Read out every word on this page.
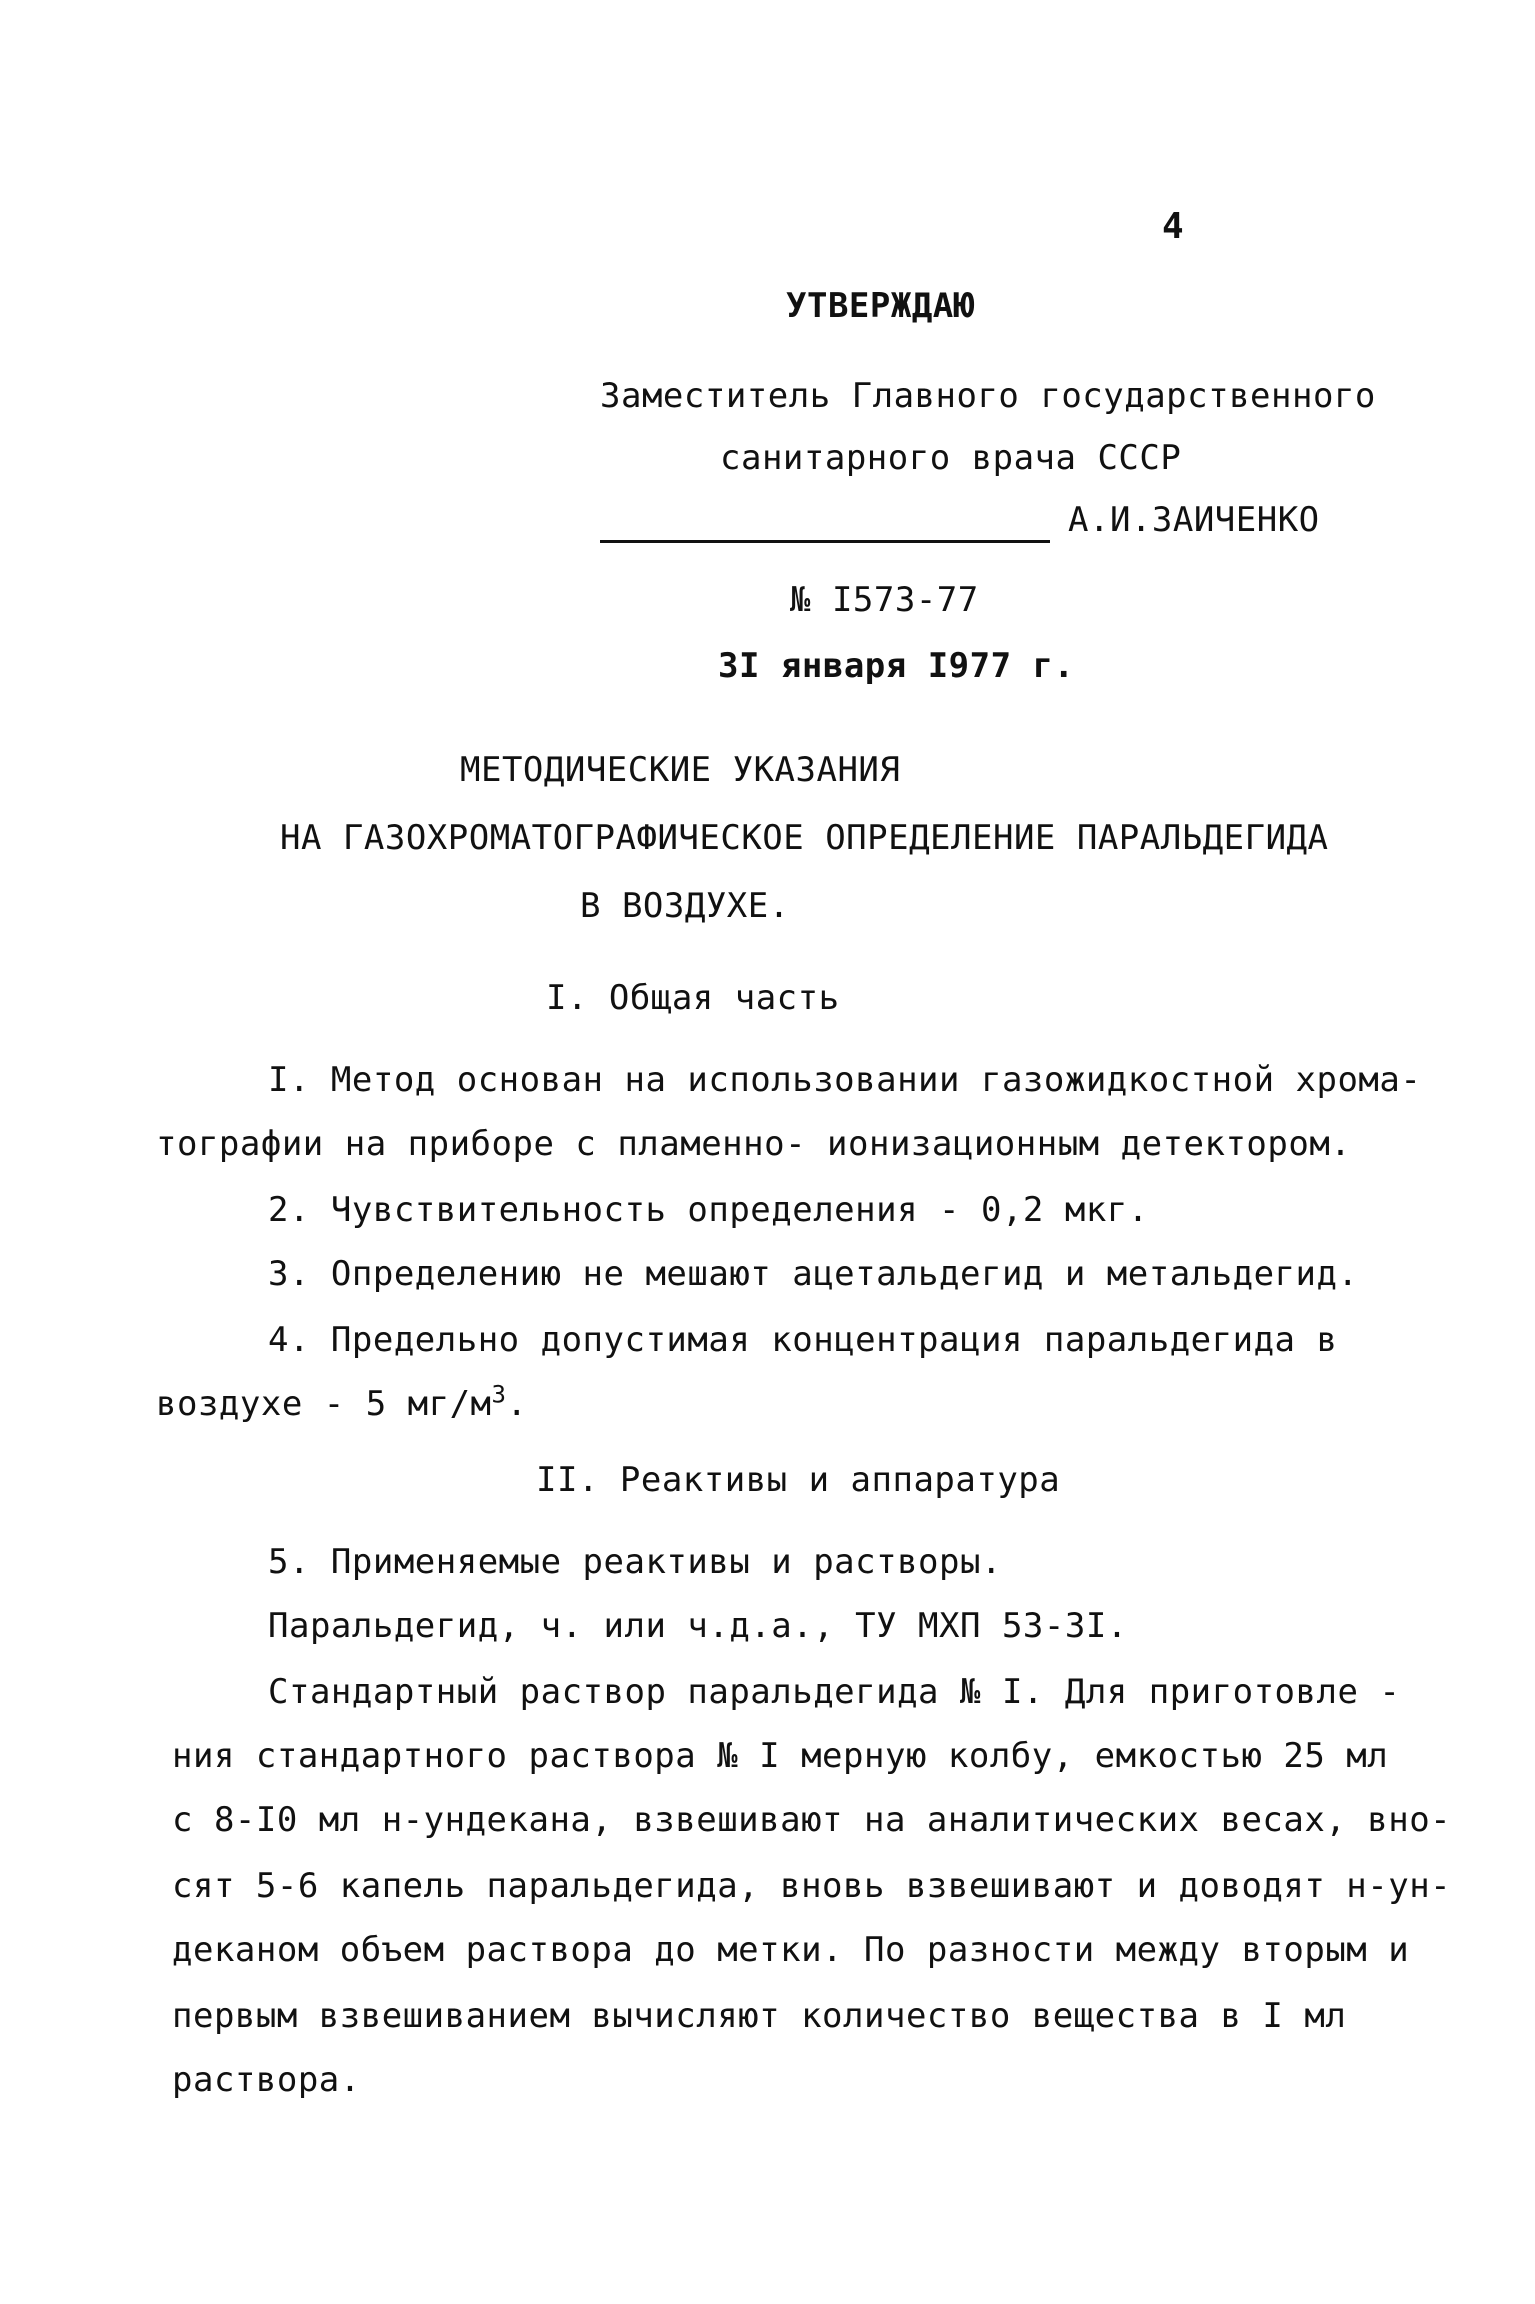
4
УТВЕРЖДАЮ
Заместитель Главного государственного
санитарного врача СССР
А.И.ЗАИЧЕНКО
№ I573-77
3I января I977 г.
МЕТОДИЧЕСКИЕ УКАЗАНИЯ
НА ГАЗОХРОМАТОГРАФИЧЕСКОЕ ОПРЕДЕЛЕНИЕ ПАРАЛЬДЕГИДА
В ВОЗДУХЕ.
I. Общая часть
I. Метод основан на использовании газожидкостной хрома-
тографии на приборе с пламенно- ионизационным детектором.
2. Чувствительность определения - 0,2 мкг.
3. Определению не мешают ацетальдегид и метальдегид.
4. Предельно допустимая концентрация паральдегида в
воздухе - 5 $мг/м^3$.
II. Реактивы и аппаратура
5. Применяемые реактивы и растворы.
Паральдегид, ч. или ч.д.а., ТУ МХП 53-3I.
Стандартный раствор паральдегида № I. Для приготовле -
ния стандартного раствора № I мерную колбу, емкостью 25 мл
с 8-I0 мл н-ундекана, взвешивают на аналитических весах, вно-
сят 5-6 капель паральдегида, вновь взвешивают и доводят н-ун-
деканом объем раствора до метки. По разности между вторым и
первым взвешиванием вычисляют количество вещества в I мл
раствора.
